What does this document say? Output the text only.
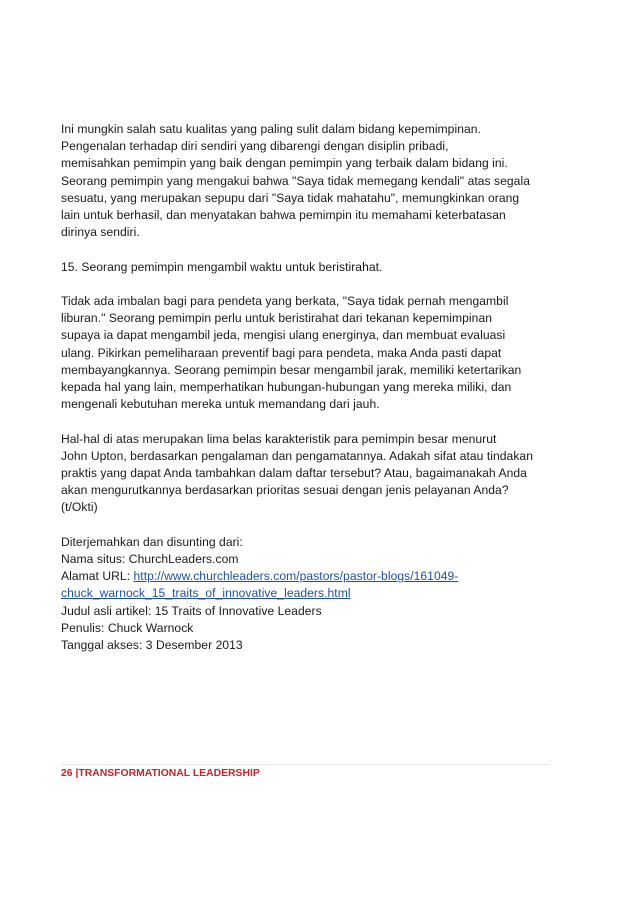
Ini mungkin salah satu kualitas yang paling sulit dalam bidang kepemimpinan.
Pengenalan terhadap diri sendiri yang dibarengi dengan disiplin pribadi,
memisahkan pemimpin yang baik dengan pemimpin yang terbaik dalam bidang ini.
Seorang pemimpin yang mengakui bahwa "Saya tidak memegang kendali" atas segala
sesuatu, yang merupakan sepupu dari "Saya tidak mahatahu", memungkinkan orang
lain untuk berhasil, dan menyatakan bahwa pemimpin itu memahami keterbatasan
dirinya sendiri.

15. Seorang pemimpin mengambil waktu untuk beristirahat.

Tidak ada imbalan bagi para pendeta yang berkata, "Saya tidak pernah mengambil
liburan." Seorang pemimpin perlu untuk beristirahat dari tekanan kepemimpinan
supaya ia dapat mengambil jeda, mengisi ulang energinya, dan membuat evaluasi
ulang. Pikirkan pemeliharaan preventif bagi para pendeta, maka Anda pasti dapat
membayangkannya. Seorang pemimpin besar mengambil jarak, memiliki ketertarikan
kepada hal yang lain, memperhatikan hubungan-hubungan yang mereka miliki, dan
mengenali kebutuhan mereka untuk memandang dari jauh.

Hal-hal di atas merupakan lima belas karakteristik para pemimpin besar menurut
John Upton, berdasarkan pengalaman dan pengamatannya. Adakah sifat atau tindakan
praktis yang dapat Anda tambahkan dalam daftar tersebut? Atau, bagaimanakah Anda
akan mengurutkannya berdasarkan prioritas sesuai dengan jenis pelayanan Anda?
(t/Okti)

Diterjemahkan dan disunting dari:
Nama situs: ChurchLeaders.com
Alamat URL: http://www.churchleaders.com/pastors/pastor-blogs/161049-
chuck_warnock_15_traits_of_innovative_leaders.html
Judul asli artikel: 15 Traits of Innovative Leaders
Penulis: Chuck Warnock
Tanggal akses: 3 Desember 2013
26 |TRANSFORMATIONAL LEADERSHIP
